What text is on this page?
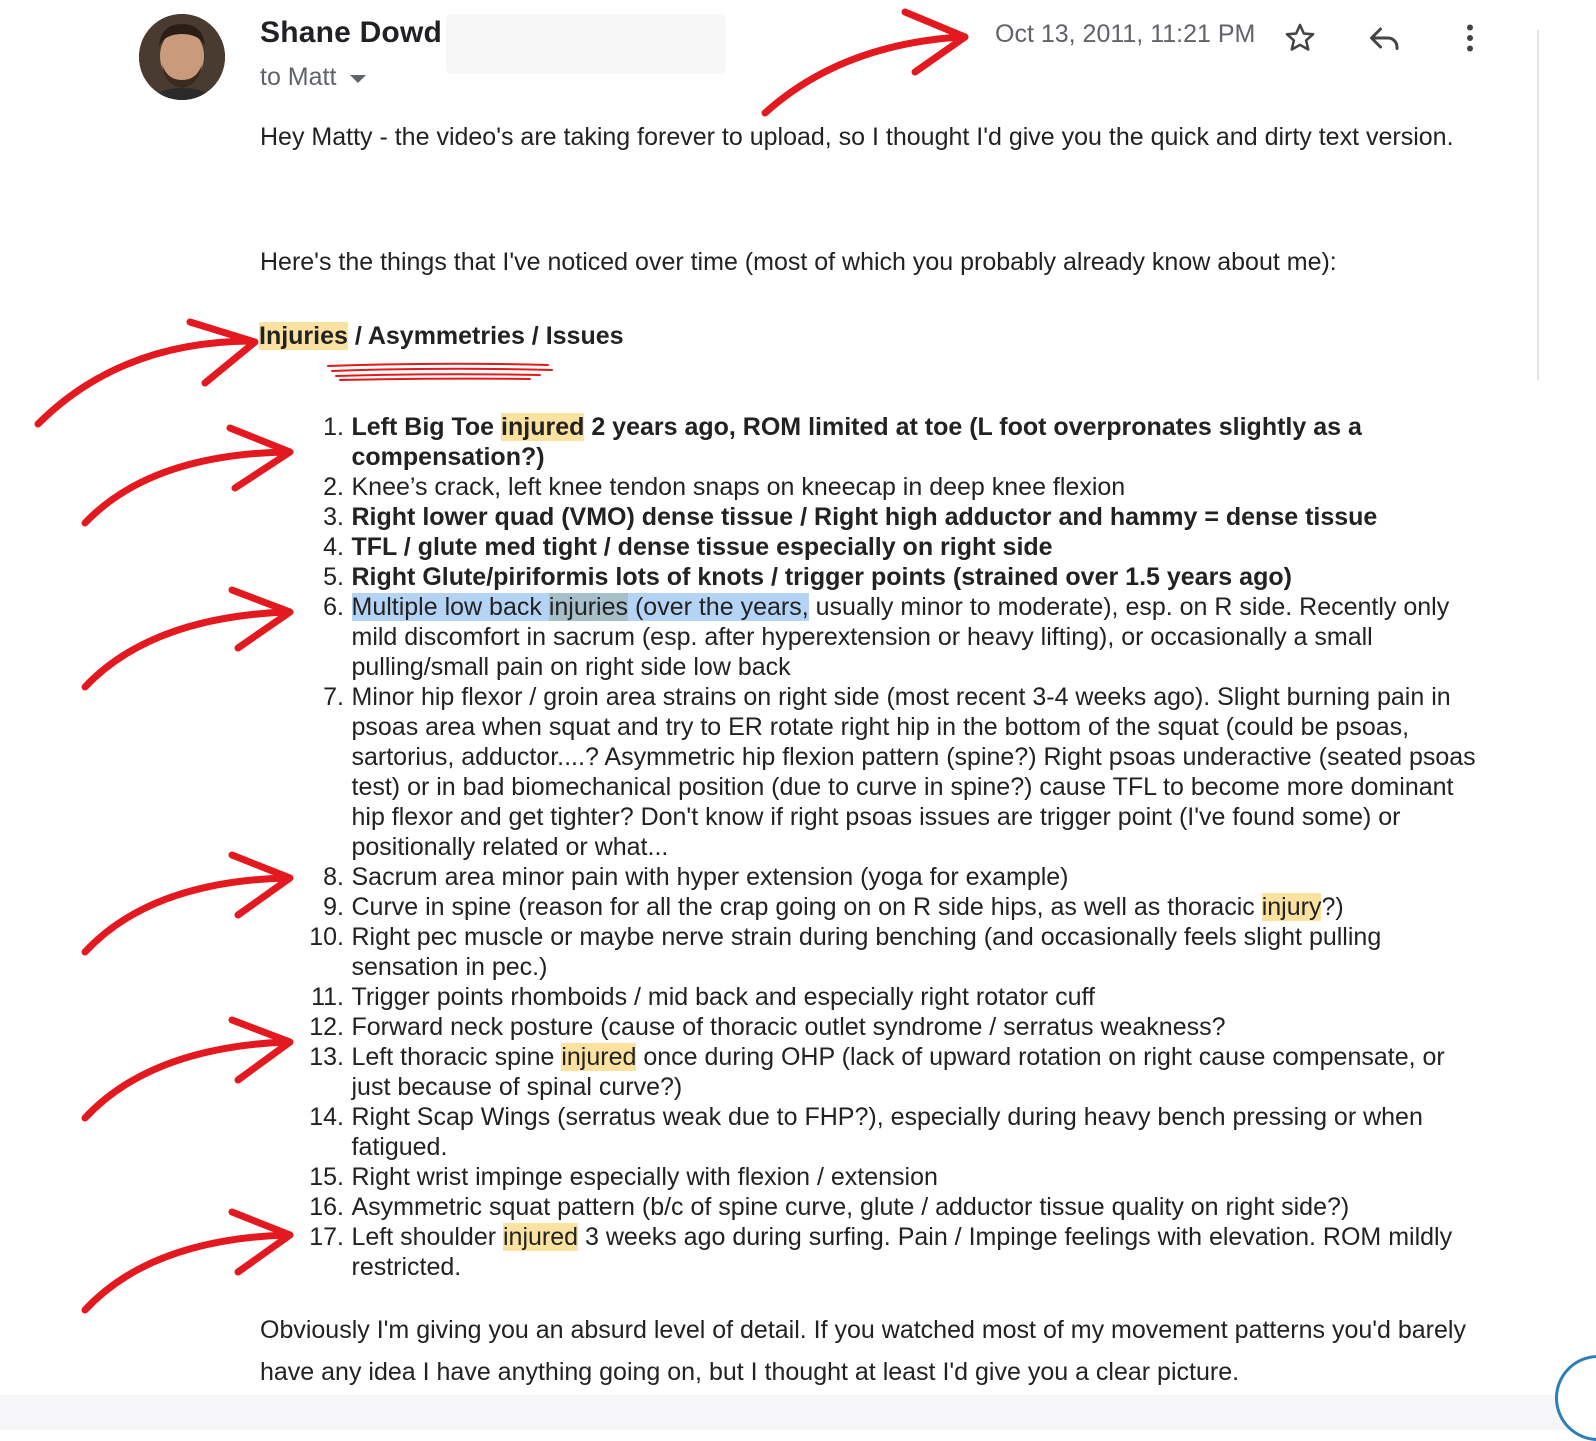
Shane Dowd
to Matt
Oct 13, 2011, 11:21 PM
Hey Matty - the video's are taking forever to upload, so I thought I'd give you the quick and dirty text version.
Here's the things that I've noticed over time (most of which you probably already know about me):
Injuries / Asymmetries / Issues
1. Left Big Toe injured 2 years ago, ROM limited at toe (L foot overpronates slightly as a compensation?)
2. Knee’s crack, left knee tendon snaps on kneecap in deep knee flexion
3. Right lower quad (VMO) dense tissue / Right high adductor and hammy = dense tissue
4. TFL / glute med tight / dense tissue especially on right side
5. Right Glute/piriformis lots of knots / trigger points (strained over 1.5 years ago)
6. Multiple low back injuries (over the years, usually minor to moderate), esp. on R side. Recently only mild discomfort in sacrum (esp. after hyperextension or heavy lifting), or occasionally a small pulling/small pain on right side low back
7. Minor hip flexor / groin area strains on right side (most recent 3-4 weeks ago). Slight burning pain in psoas area when squat and try to ER rotate right hip in the bottom of the squat (could be psoas, sartorius, adductor....? Asymmetric hip flexion pattern (spine?) Right psoas underactive (seated psoas test) or in bad biomechanical position (due to curve in spine?) cause TFL to become more dominant hip flexor and get tighter? Don't know if right psoas issues are trigger point (I've found some) or positionally related or what...
8. Sacrum area minor pain with hyper extension (yoga for example)
9. Curve in spine (reason for all the crap going on on R side hips, as well as thoracic injury?)
10. Right pec muscle or maybe nerve strain during benching (and occasionally feels slight pulling sensation in pec.)
11. Trigger points rhomboids / mid back and especially right rotator cuff
12. Forward neck posture (cause of thoracic outlet syndrome / serratus weakness?
13. Left thoracic spine injured once during OHP (lack of upward rotation on right cause compensate, or just because of spinal curve?)
14. Right Scap Wings (serratus weak due to FHP?), especially during heavy bench pressing or when fatigued.
15. Right wrist impinge especially with flexion / extension
16. Asymmetric squat pattern (b/c of spine curve, glute / adductor tissue quality on right side?)
17. Left shoulder injured 3 weeks ago during surfing. Pain / Impinge feelings with elevation. ROM mildly restricted.
Obviously I'm giving you an absurd level of detail. If you watched most of my movement patterns you'd barely have any idea I have anything going on, but I thought at least I'd give you a clear picture.
